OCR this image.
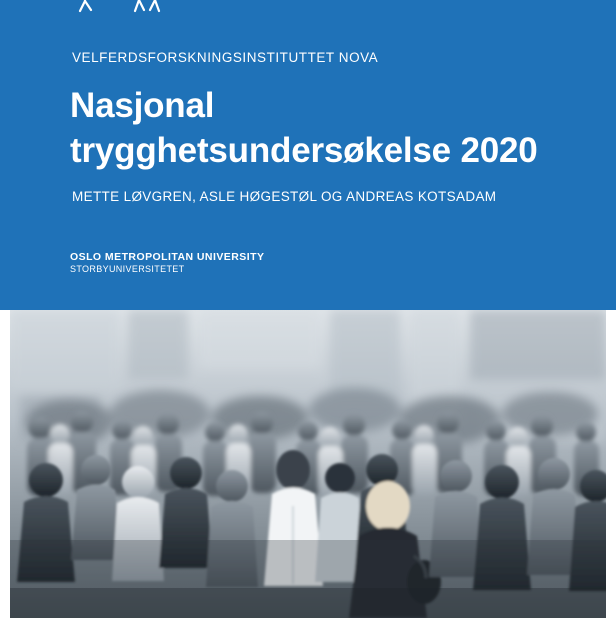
VELFERDSFORSKNINGSINSTITUTTET NOVA
Nasjonal
trygghetsundersøkelse 2020
METTE LØVGREN, ASLE HØGESTØL OG ANDREAS KOTSADAM
OSLO METROPOLITAN UNIVERSITY
STORBYUNIVERSITETET
